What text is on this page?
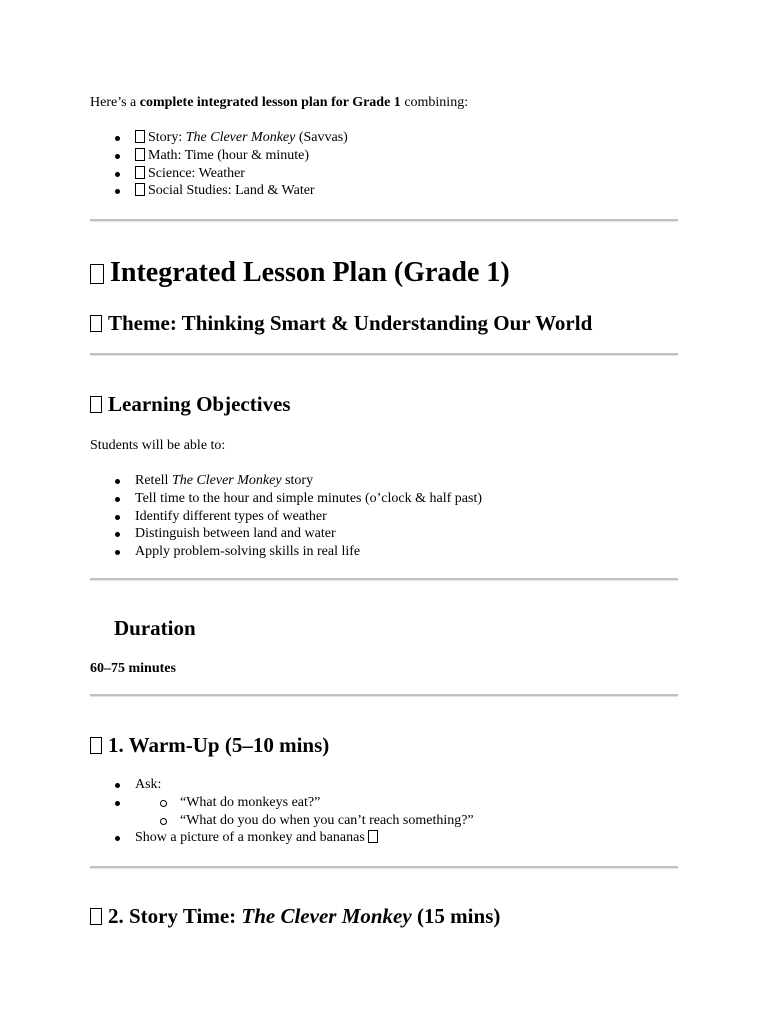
Here’s a complete integrated lesson plan for Grade 1 combining:
Story: The Clever Monkey (Savvas)
Math: Time (hour & minute)
Science: Weather
Social Studies: Land & Water
Integrated Lesson Plan (Grade 1)
Theme: Thinking Smart & Understanding Our World
Learning Objectives
Students will be able to:
Retell The Clever Monkey story
Tell time to the hour and simple minutes (o’clock & half past)
Identify different types of weather
Distinguish between land and water
Apply problem-solving skills in real life
Duration
60–75 minutes
1. Warm-Up (5–10 mins)
Ask:
“What do monkeys eat?”
“What do you do when you can’t reach something?”
Show a picture of a monkey and bananas
2. Story Time: The Clever Monkey (15 mins)
